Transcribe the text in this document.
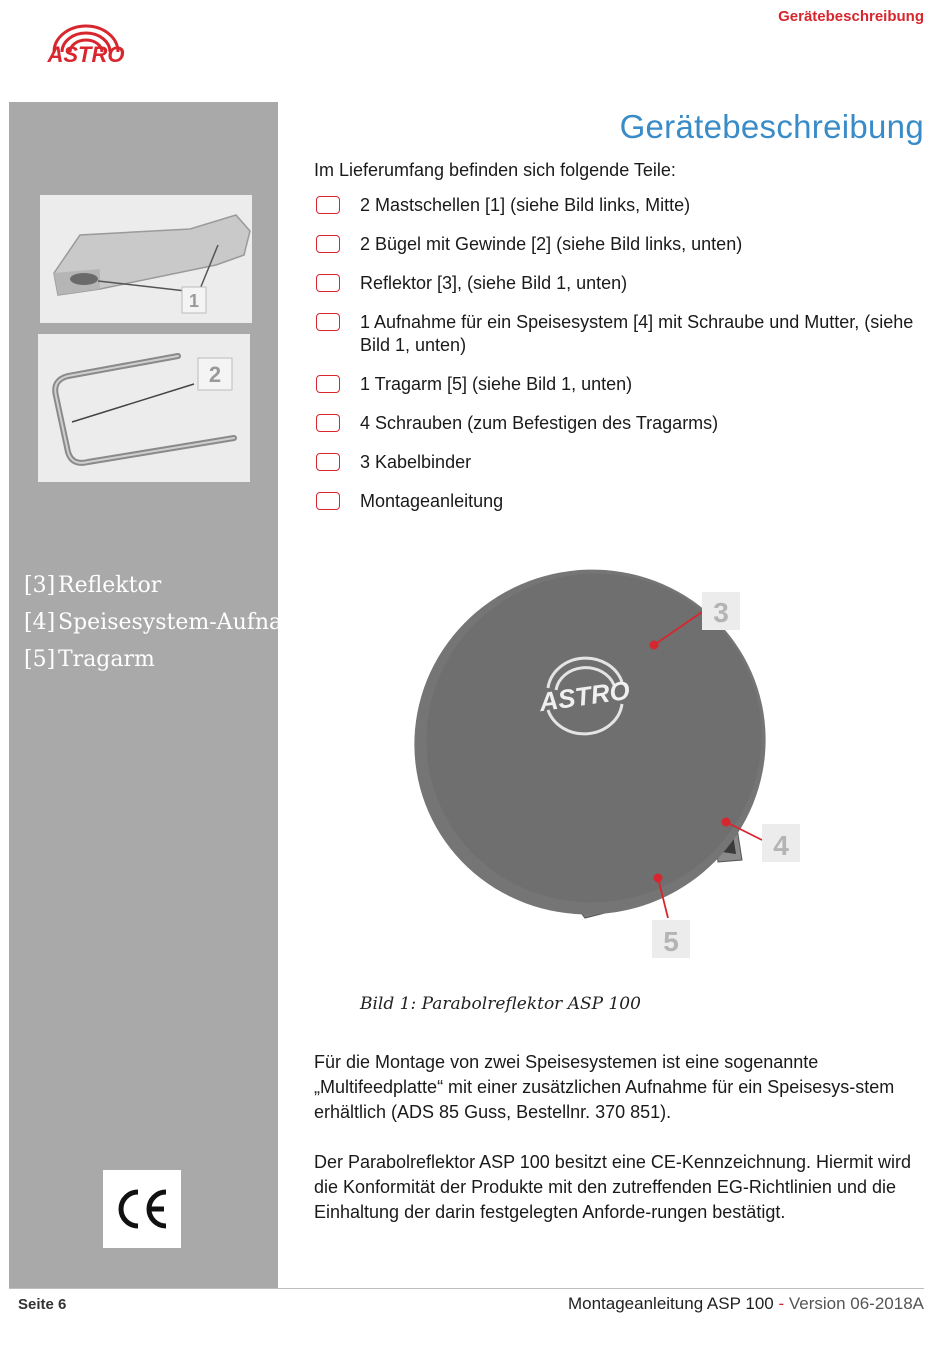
ASTRO
Gerätebeschreibung
1
2
[3] Reflektor
[4] Speisesystem-Aufnahme
[5] Tragarm
Gerätebeschreibung
Im Lieferumfang befinden sich folgende Teile:
2 Mastschellen [1] (siehe Bild links, Mitte)
2 Bügel mit Gewinde [2] (siehe Bild links, unten)
Reflektor [3], (siehe Bild 1, unten)
1 Aufnahme für ein Speisesystem [4] mit Schraube und Mutter, (siehe Bild 1, unten)
1 Tragarm [5] (siehe Bild 1, unten)
4 Schrauben (zum Befestigen des Tragarms)
3 Kabelbinder
Montageanleitung
ASTRO
3
4
5
Bild 1: Parabolreflektor ASP 100

Für die Montage von zwei Speisesystemen ist eine sogenannte „Multifeedplatte“ mit einer zusätzlichen Aufnahme für ein Speisesys-stem erhältlich (ADS 85 Guss, Bestellnr. 370 851).

Der Parabolreflektor ASP 100 besitzt eine CE-Kennzeichnung. Hiermit wird die Konformität der Produkte mit den zutreffenden EG-Richtlinien und die Einhaltung der darin festgelegten Anforde-rungen bestätigt.

Seite 6	Montageanleitung ASP 100 - Version 06-2018A
